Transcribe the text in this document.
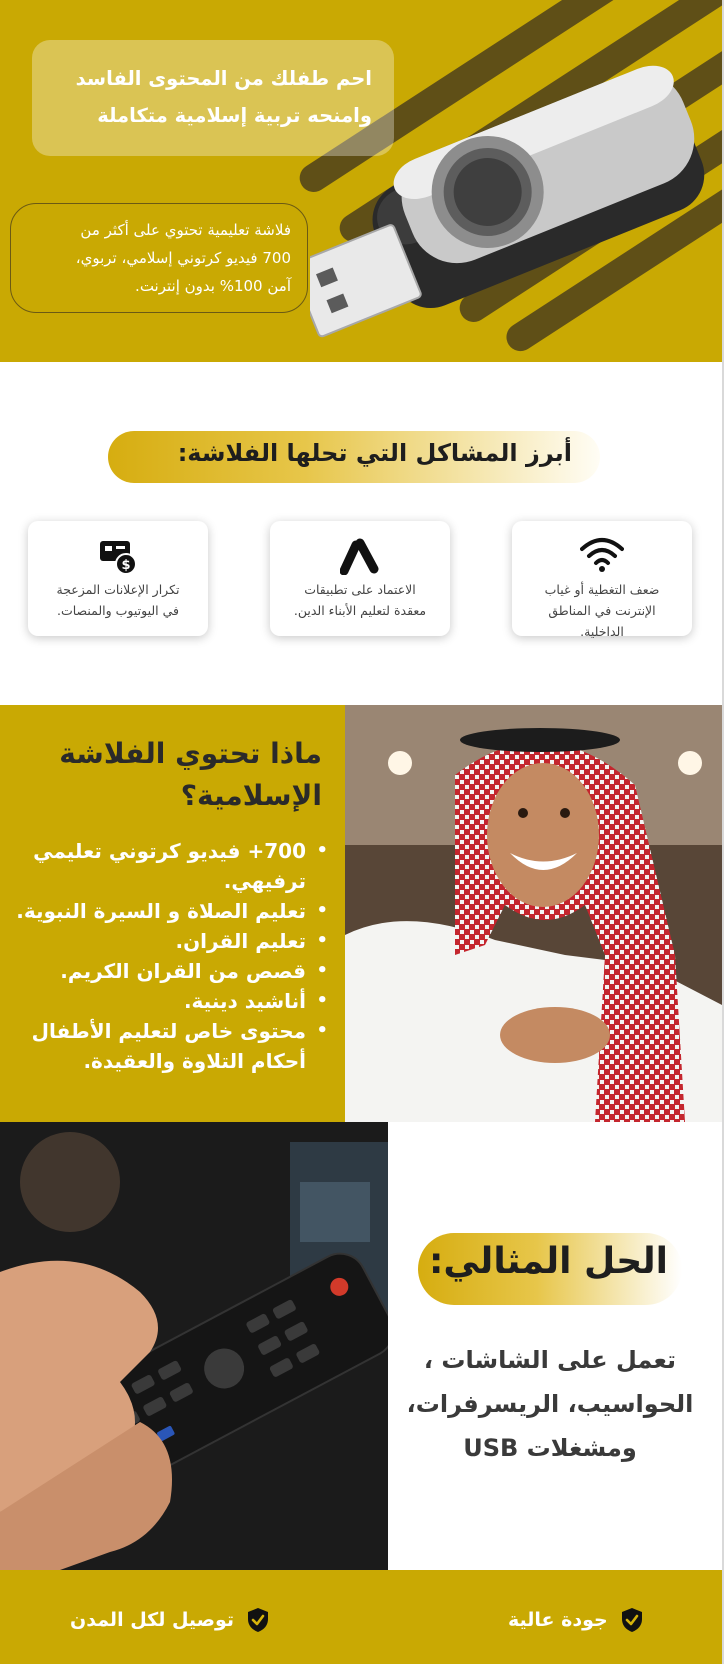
احم طفلك من المحتوى الفاسد
وامنحه تربية إسلامية متكاملة
فلاشة تعليمية تحتوي على أكثر من
700 فيديو كرتوني إسلامي، تربوي،
آمن 100% بدون إنترنت.
أبرز المشاكل التي تحلها الفلاشة:
ضعف التغطية أو غياب
الإنترنت في المناطق
الداخلية.
الاعتماد على تطبيقات
معقدة لتعليم الأبناء الدين.
$
تكرار الإعلانات المزعجة
في اليوتيوب والمنصات.
ماذا تحتوي الفلاشة
الإسلامية؟
• 700+ فيديو كرتوني تعليمي ترفيهي.
• تعليم الصلاة و السيرة النبوية.
• تعليم القران.
• قصص من القران الكريم.
• أناشيد دينية.
• محتوى خاص لتعليم الأطفال أحكام التلاوة والعقيدة.
الحل المثالي:
تعمل على الشاشات ،
الحواسيب، الريسرفرات،
ومشغلات USB
جودة عالية
توصيل لكل المدن
